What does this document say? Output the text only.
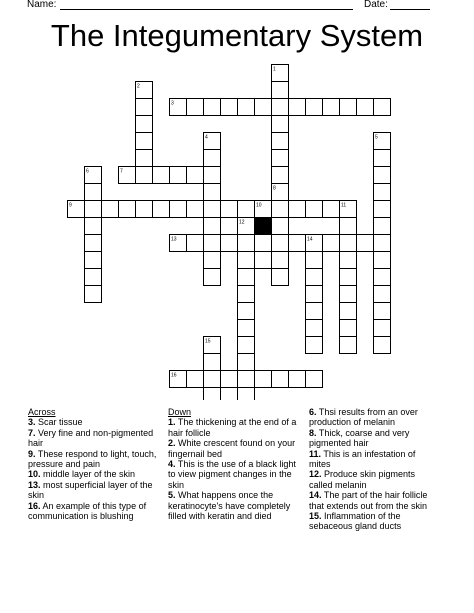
Name:	Date:
The Integumentary System
1
2
3
4	5
6	7
8
9	10	11
12
13	14
15
16
Across

3. Scar tissue

7. Very fine and non-pigmented hair

9. These respond to light, touch, pressure and pain

10. middle layer of the skin

13. most superficial layer of the skin

16. An example of this type of communication is blushing

Down

1. The thickening at the end of a hair follicle

2. White crescent found on your fingernail bed

4. This is the use of a black light to view pigment changes in the skin

5. What happens once the keratinocyte's have completely filled with keratin and died

6. Thsi results from an over production of melanin

8. Thick, coarse and very pigmented hair

11. This is an infestation of mites

12. Produce skin pigments called melanin

14. The part of the hair follicle that extends out from the skin

15. Inflammation of the sebaceous gland ducts
